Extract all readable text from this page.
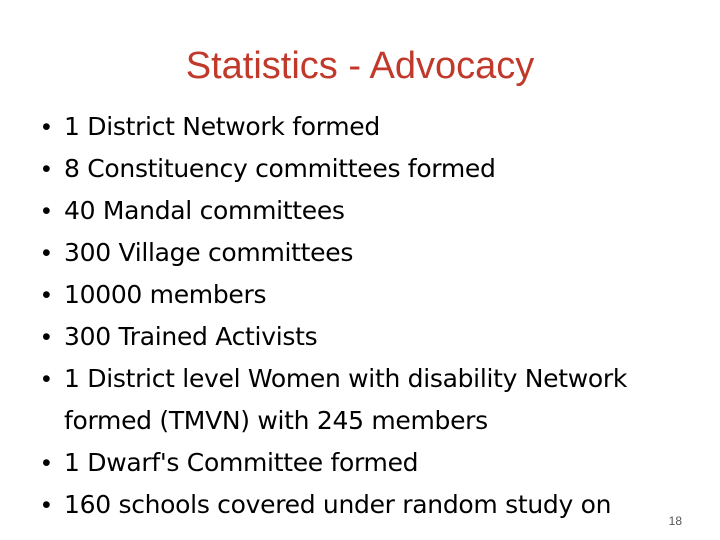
Statistics - Advocacy
• 1 District Network formed
• 8 Constituency committees formed
• 40 Mandal committees
• 300 Village committees
• 10000 members
• 300 Trained Activists
• 1 District level Women with disability Network formed (TMVN) with 245 members
• 1 Dwarf's Committee formed
• 160 schools covered under random study on
18
